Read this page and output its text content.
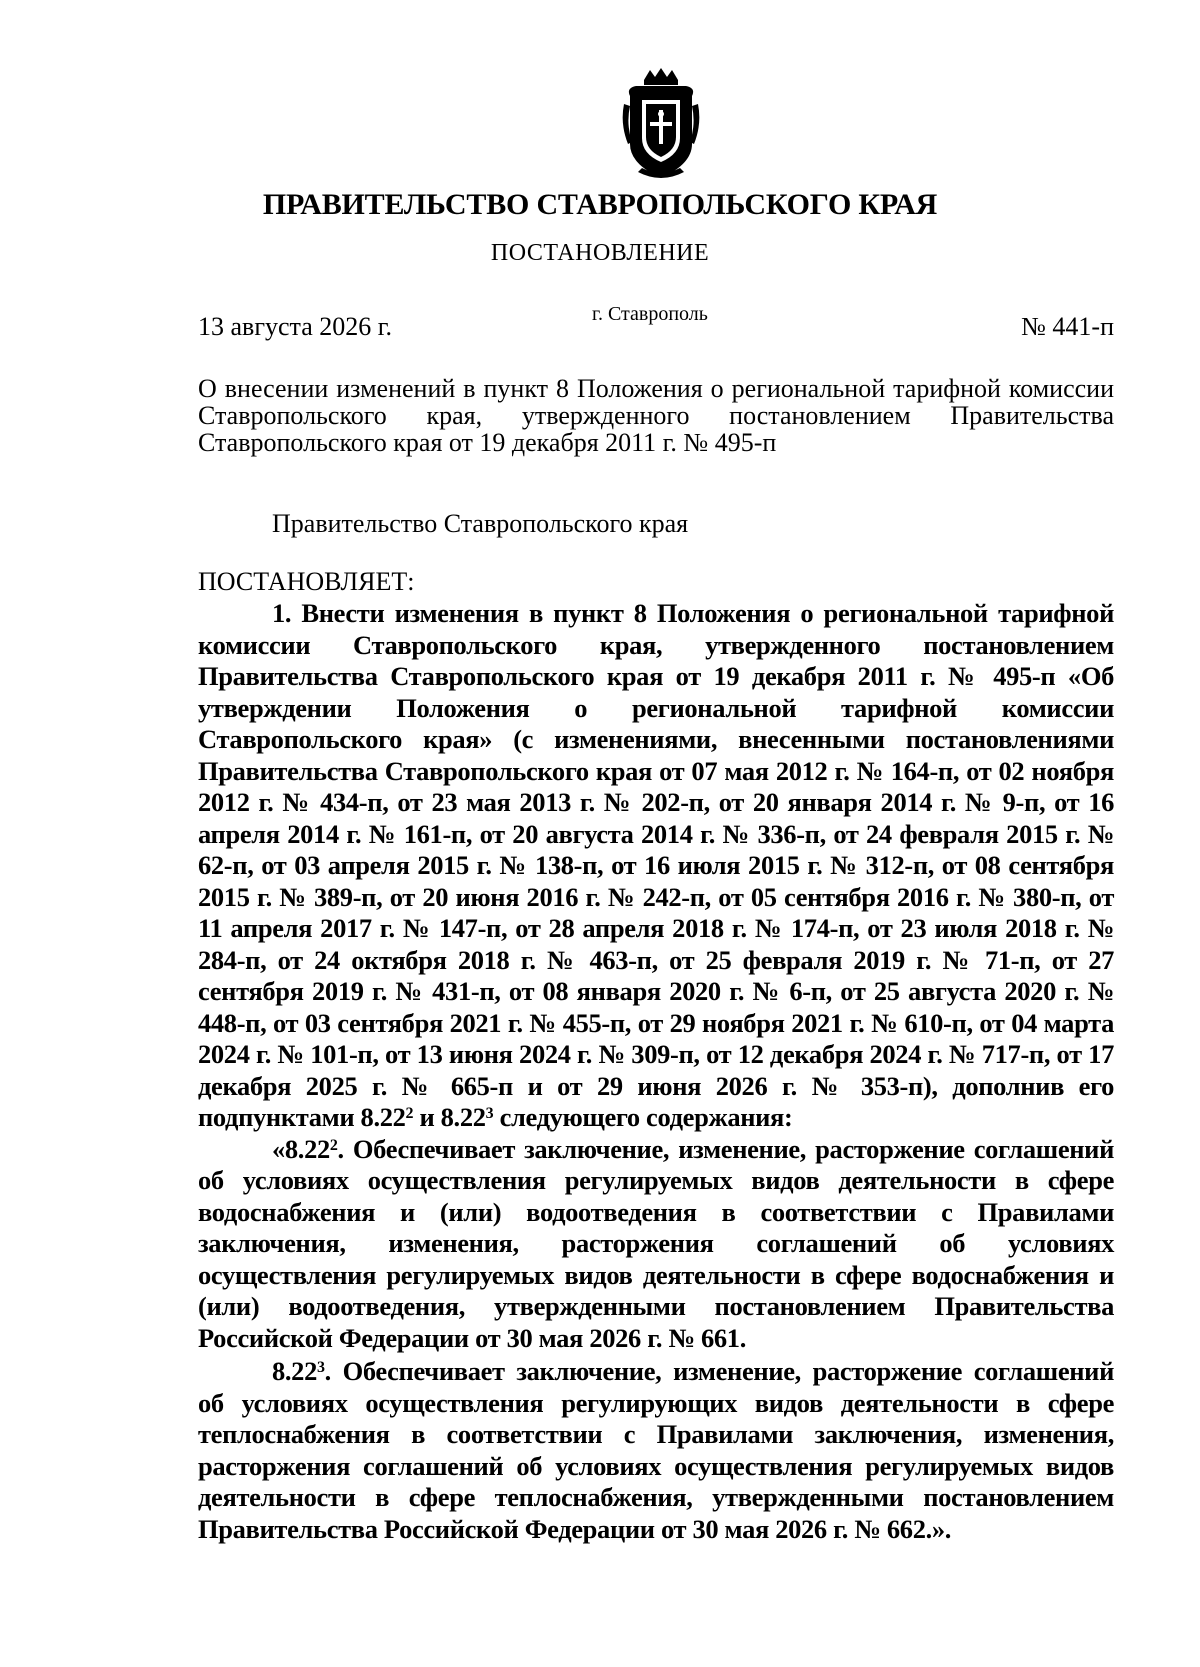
ПРАВИТЕЛЬСТВО СТАВРОПОЛЬСКОГО КРАЯ
ПОСТАНОВЛЕНИЕ
13 августа 2026 г.	г. Ставрополь	№ 441-п
О внесении изменений в пункт 8 Положения о региональной тарифной комиссии Ставропольского края, утвержденного постановлением Правительства Ставропольского края от 19 декабря 2011 г. № 495-п
Правительство Ставропольского края
ПОСТАНОВЛЯЕТ:

1. Внести изменения в пункт 8 Положения о региональной тарифной комиссии Ставропольского края, утвержденного постановлением Правительства Ставропольского края от 19 декабря 2011 г. № 495-п «Об утверждении Положения о региональной тарифной комиссии Ставропольского края» (с изменениями, внесенными постановлениями Правительства Ставропольского края от 07 мая 2012 г. № 164-п, от 02 ноября 2012 г. № 434-п, от 23 мая 2013 г. № 202-п, от 20 января 2014 г. № 9-п, от 16 апреля 2014 г. № 161-п, от 20 августа 2014 г. № 336-п, от 24 февраля 2015 г. № 62-п, от 03 апреля 2015 г. № 138-п, от 16 июля 2015 г. № 312-п, от 08 сентября 2015 г. № 389-п, от 20 июня 2016 г. № 242-п, от 05 сентября 2016 г. № 380-п, от 11 апреля 2017 г. № 147-п, от 28 апреля 2018 г. № 174-п, от 23 июля 2018 г. № 284-п, от 24 октября 2018 г. № 463-п, от 25 февраля 2019 г. № 71-п, от 27 сентября 2019 г. № 431-п, от 08 января 2020 г. № 6-п, от 25 августа 2020 г. № 448-п, от 03 сентября 2021 г. № 455-п, от 29 ноября 2021 г. № 610-п, от 04 марта 2024 г. № 101-п, от 13 июня 2024 г. № 309-п, от 12 декабря 2024 г. № 717-п, от 17 декабря 2025 г. № 665-п и от 29 июня 2026 г. № 353-п), дополнив его подпунктами 8.22$^2$ и 8.22$^3$ следующего содержания:

«8.22$^2$. Обеспечивает заключение, изменение, расторжение соглашений об условиях осуществления регулируемых видов деятельности в сфере водоснабжения и (или) водоотведения в соответствии с Правилами заключения, изменения, расторжения соглашений об условиях осуществления регулируемых видов деятельности в сфере водоснабжения и (или) водоотведения, утвержденными постановлением Правительства Российской Федерации от 30 мая 2026 г. № 661.

8.22$^3$. Обеспечивает заключение, изменение, расторжение соглашений об условиях осуществления регулирующих видов деятельности в сфере теплоснабжения в соответствии с Правилами заключения, изменения, расторжения соглашений об условиях осуществления регулируемых видов деятельности в сфере теплоснабжения, утвержденными постановлением Правительства Российской Федерации от 30 мая 2026 г. № 662.».
